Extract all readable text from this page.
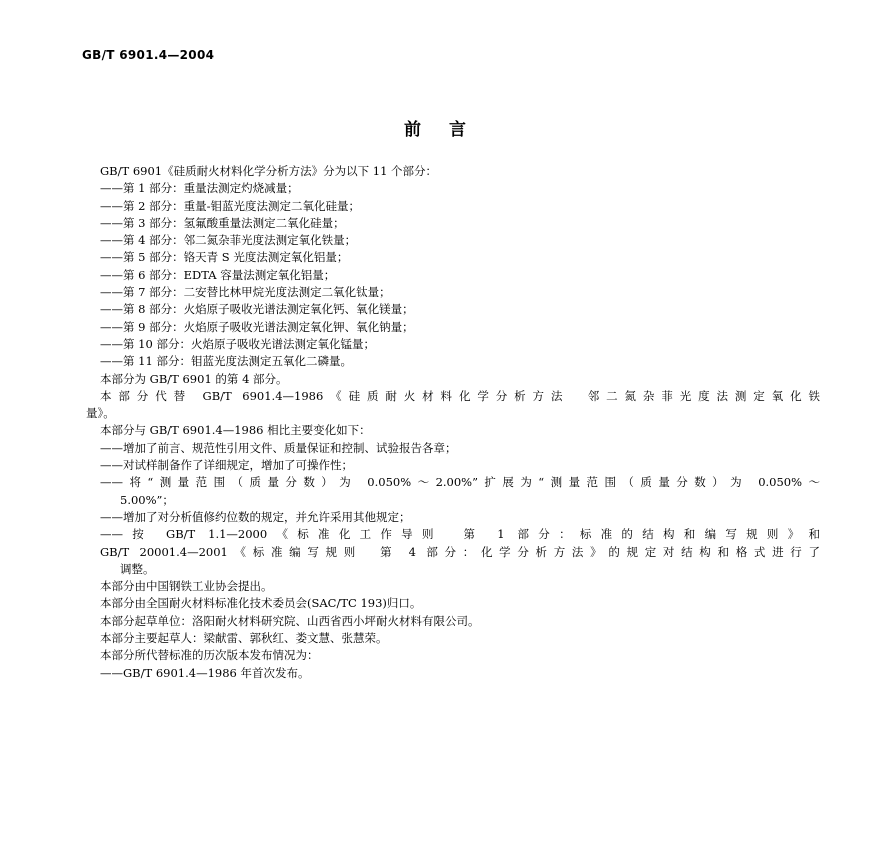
GB/T 6901.4—2004
前言
GB/T 6901《硅质耐火材料化学分析方法》分为以下 11 个部分：
——第 1 部分：重量法测定灼烧减量；
——第 2 部分：重量-钼蓝光度法测定二氧化硅量；
——第 3 部分：氢氟酸重量法测定二氧化硅量；
——第 4 部分：邻二氮杂菲光度法测定氧化铁量；
——第 5 部分：铬天青 S 光度法测定氧化铝量；
——第 6 部分：EDTA 容量法测定氧化铝量；
——第 7 部分：二安替比林甲烷光度法测定二氧化钛量；
——第 8 部分：火焰原子吸收光谱法测定氧化钙、氧化镁量；
——第 9 部分：火焰原子吸收光谱法测定氧化钾、氧化钠量；
——第 10 部分：火焰原子吸收光谱法测定氧化锰量；
——第 11 部分：钼蓝光度法测定五氧化二磷量。
本部分为 GB/T 6901 的第 4 部分。
本部分代替 GB/T 6901.4—1986《硅质耐火材料化学分析方法　邻二氮杂菲光度法测定氧化铁
量》。
本部分与 GB/T 6901.4—1986 相比主要变化如下：
——增加了前言、规范性引用文件、质量保证和控制、试验报告各章；
——对试样制备作了详细规定，增加了可操作性；
——将“测量范围（质量分数）为 0.050%～2.00%”扩展为“测量范围（质量分数）为 0.050%～
5.00%”；
——增加了对分析值修约位数的规定，并允许采用其他规定；
——按 GB/T 1.1—2000《标准化工作导则　第 1 部分：标准的结构和编写规则》和
GB/T 20001.4—2001《标准编写规则　第 4 部分：化学分析方法》的规定对结构和格式进行了
调整。
本部分由中国钢铁工业协会提出。
本部分由全国耐火材料标准化技术委员会(SAC/TC 193)归口。
本部分起草单位：洛阳耐火材料研究院、山西省西小坪耐火材料有限公司。
本部分主要起草人：梁献雷、郭秋红、娄文慧、张慧荣。
本部分所代替标准的历次版本发布情况为：
——GB/T 6901.4—1986 年首次发布。
